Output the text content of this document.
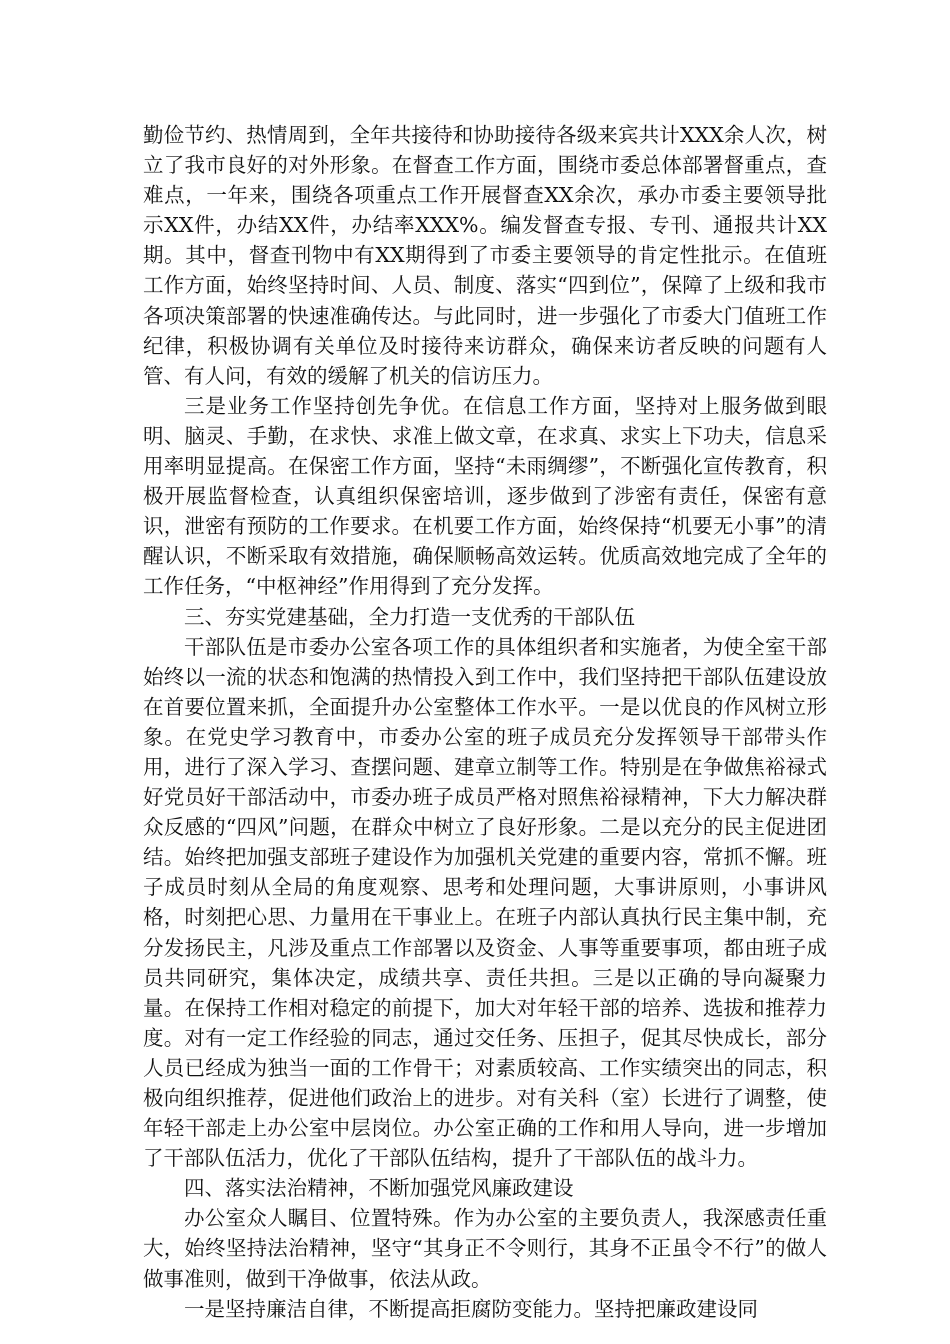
勤俭节约、热情周到，全年共接待和协助接待各级来宾共计XXX余人次，树立了我市良好的对外形象。在督查工作方面，围绕市委总体部署督重点，查难点，一年来，围绕各项重点工作开展督查XX余次，承办市委主要领导批示XX件，办结XX件，办结率XXX%。编发督查专报、专刊、通报共计XX期。其中，督查刊物中有XX期得到了市委主要领导的肯定性批示。在值班工作方面，始终坚持时间、人员、制度、落实“四到位”，保障了上级和我市各项决策部署的快速准确传达。与此同时，进一步强化了市委大门值班工作纪律，积极协调有关单位及时接待来访群众，确保来访者反映的问题有人管、有人问，有效的缓解了机关的信访压力。

三是业务工作坚持创先争优。在信息工作方面，坚持对上服务做到眼明、脑灵、手勤，在求快、求准上做文章，在求真、求实上下功夫，信息采用率明显提高。在保密工作方面，坚持“未雨绸缪”，不断强化宣传教育，积极开展监督检查，认真组织保密培训，逐步做到了涉密有责任，保密有意识，泄密有预防的工作要求。在机要工作方面，始终保持“机要无小事”的清醒认识，不断采取有效措施，确保顺畅高效运转。优质高效地完成了全年的工作任务，“中枢神经”作用得到了充分发挥。

三、夯实党建基础，全力打造一支优秀的干部队伍

干部队伍是市委办公室各项工作的具体组织者和实施者，为使全室干部始终以一流的状态和饱满的热情投入到工作中，我们坚持把干部队伍建设放在首要位置来抓，全面提升办公室整体工作水平。一是以优良的作风树立形象。在党史学习教育中，市委办公室的班子成员充分发挥领导干部带头作用，进行了深入学习、查摆问题、建章立制等工作。特别是在争做焦裕禄式好党员好干部活动中，市委办班子成员严格对照焦裕禄精神，下大力解决群众反感的“四风”问题，在群众中树立了良好形象。二是以充分的民主促进团结。始终把加强支部班子建设作为加强机关党建的重要内容，常抓不懈。班子成员时刻从全局的角度观察、思考和处理问题，大事讲原则，小事讲风格，时刻把心思、力量用在干事业上。在班子内部认真执行民主集中制，充分发扬民主，凡涉及重点工作部署以及资金、人事等重要事项，都由班子成员共同研究，集体决定，成绩共享、责任共担。三是以正确的导向凝聚力量。在保持工作相对稳定的前提下，加大对年轻干部的培养、选拔和推荐力度。对有一定工作经验的同志，通过交任务、压担子，促其尽快成长，部分人员已经成为独当一面的工作骨干；对素质较高、工作实绩突出的同志，积极向组织推荐，促进他们政治上的进步。对有关科（室）长进行了调整，使年轻干部走上办公室中层岗位。办公室正确的工作和用人导向，进一步增加了干部队伍活力，优化了干部队伍结构，提升了干部队伍的战斗力。

四、落实法治精神，不断加强党风廉政建设

办公室众人瞩目、位置特殊。作为办公室的主要负责人，我深感责任重大，始终坚持法治精神，坚守“其身正不令则行，其身不正虽令不行”的做人做事准则，做到干净做事，依法从政。

一是坚持廉洁自律，不断提高拒腐防变能力。坚持把廉政建设同
